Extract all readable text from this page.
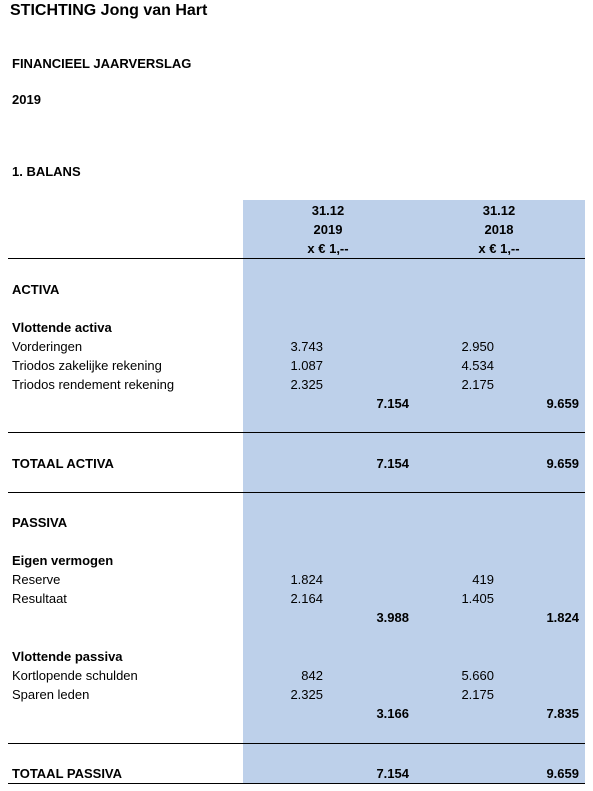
STICHTING Jong van Hart
FINANCIEEL JAARVERSLAG
2019
1. BALANS
31.12
2019
x € 1,--
31.12
2018
x € 1,--
ACTIVA
Vlottende activa
Vorderingen	3.743	2.950
Triodos zakelijke rekening	1.087	4.534
Triodos rendement rekening	2.325	2.175
7.154	9.659
TOTAAL ACTIVA	7.154	9.659
PASSIVA
Eigen vermogen
Reserve	1.824	419
Resultaat	2.164	1.405
3.988	1.824
Vlottende passiva
Kortlopende schulden	842	5.660
Sparen leden	2.325	2.175
3.166	7.835
TOTAAL PASSIVA	7.154	9.659
